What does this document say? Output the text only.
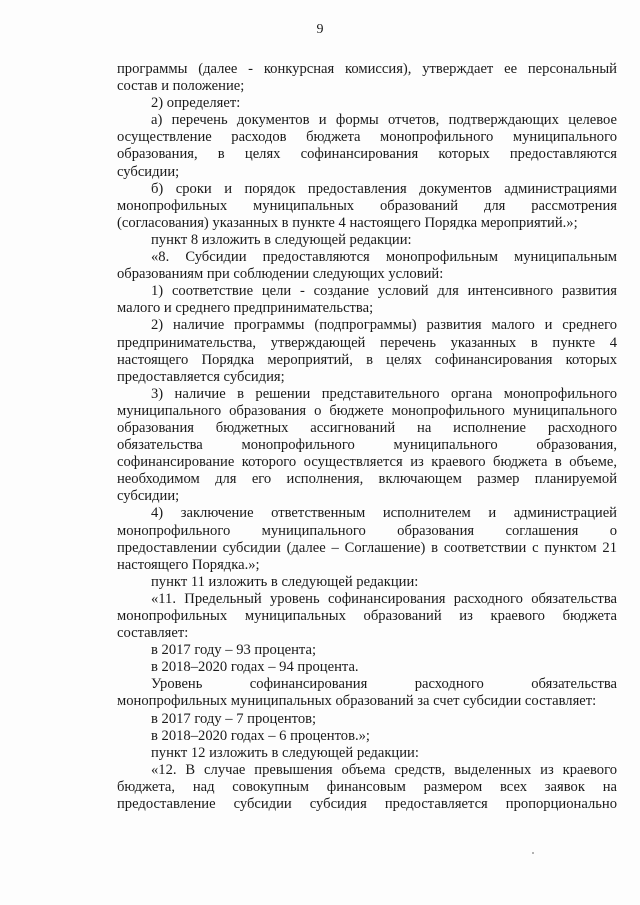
9
программы (далее - конкурсная комиссия), утверждает ее персональный
состав и положение;
2) определяет:
а) перечень документов и формы отчетов, подтверждающих целевое
осуществление расходов бюджета монопрофильного муниципального
образования, в целях софинансирования которых предоставляются
субсидии;
б) сроки и порядок предоставления документов администрациями
монопрофильных муниципальных образований для рассмотрения
(согласования) указанных в пункте 4 настоящего Порядка мероприятий.»;
пункт 8 изложить в следующей редакции:
«8. Субсидии предоставляются монопрофильным муниципальным
образованиям при соблюдении следующих условий:
1) соответствие цели - создание условий для интенсивного развития
малого и среднего предпринимательства;
2) наличие программы (подпрограммы) развития малого и среднего
предпринимательства, утверждающей перечень указанных в пункте 4
настоящего Порядка мероприятий, в целях софинансирования которых
предоставляется субсидия;
3) наличие в решении представительного органа монопрофильного
муниципального образования о бюджете монопрофильного муниципального
образования бюджетных ассигнований на исполнение расходного
обязательства монопрофильного муниципального образования,
софинансирование которого осуществляется из краевого бюджета в объеме,
необходимом для его исполнения, включающем размер планируемой
субсидии;
4) заключение ответственным исполнителем и администрацией
монопрофильного муниципального образования соглашения о
предоставлении субсидии (далее – Соглашение) в соответствии с пунктом 21
настоящего Порядка.»;
пункт 11 изложить в следующей редакции:
«11. Предельный уровень софинансирования расходного обязательства
монопрофильных муниципальных образований из краевого бюджета
составляет:
в 2017 году – 93 процента;
в 2018–2020 годах – 94 процента.
Уровень софинансирования расходного обязательства
монопрофильных муниципальных образований за счет субсидии составляет:
в 2017 году – 7 процентов;
в 2018–2020 годах – 6 процентов.»;
пункт 12 изложить в следующей редакции:
«12. В случае превышения объема средств, выделенных из краевого
бюджета, над совокупным финансовым размером всех заявок на
предоставление субсидии субсидия предоставляется пропорционально
